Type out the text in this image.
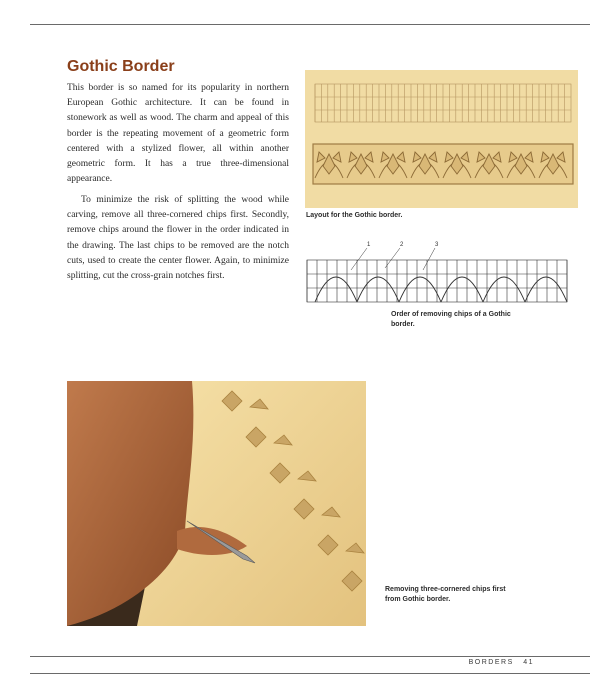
Gothic Border

This border is so named for its popularity in northern European Gothic architecture. It can be found in stonework as well as wood. The charm and appeal of this border is the repeating movement of a geometric form centered with a stylized flower, all within another geometric form. It has a true three-dimensional appearance.

To minimize the risk of splitting the wood while carving, remove all three-cornered chips first. Secondly, remove chips around the flower in the order indicated in the drawing. The last chips to be removed are the notch cuts, used to create the center flower. Again, to minimize splitting, cut the cross-grain notches first.

Layout for the Gothic border.

1	2	3

Order of removing chips of a Gothic border.

Removing three-cornered chips first from Gothic border.

BORDERS 41
